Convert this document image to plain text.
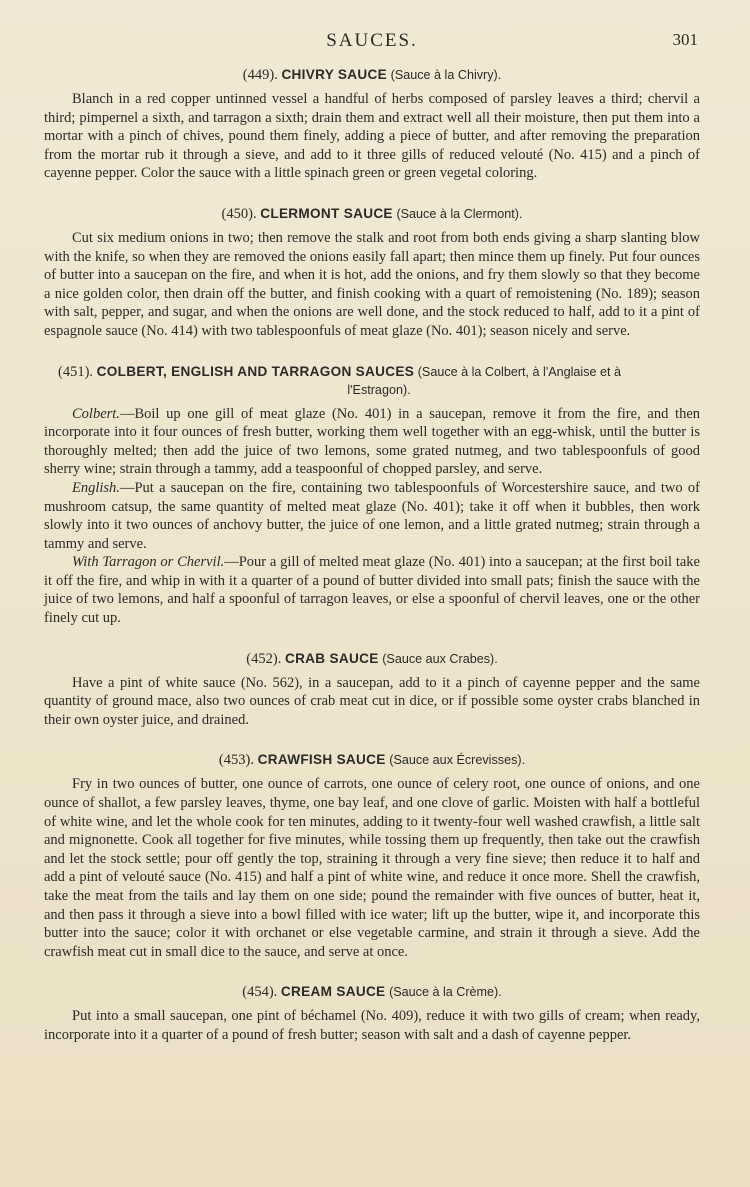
SAUCES.	301
(449). CHIVRY SAUCE (Sauce à la Chivry).

Blanch in a red copper untinned vessel a handful of herbs composed of parsley leaves a third; chervil a third; pimpernel a sixth, and tarragon a sixth; drain them and extract well all their moisture, then put them into a mortar with a pinch of chives, pound them finely, adding a piece of butter, and after removing the preparation from the mortar rub it through a sieve, and add to it three gills of reduced velouté (No. 415) and a pinch of cayenne pepper. Color the sauce with a little spinach green or green vegetal coloring.

(450). CLERMONT SAUCE (Sauce à la Clermont).

Cut six medium onions in two; then remove the stalk and root from both ends giving a sharp slanting blow with the knife, so when they are removed the onions easily fall apart; then mince them up finely. Put four ounces of butter into a saucepan on the fire, and when it is hot, add the onions, and fry them slowly so that they become a nice golden color, then drain off the butter, and finish cooking with a quart of remoistening (No. 189); season with salt, pepper, and sugar, and when the onions are well done, and the stock reduced to half, add to it a pint of espagnole sauce (No. 414) with two tablespoonfuls of meat glaze (No. 401); season nicely and serve.

(451). COLBERT, ENGLISH AND TARRAGON SAUCES (Sauce à la Colbert, à l'Anglaise et à
l'Estragon).

Colbert.—Boil up one gill of meat glaze (No. 401) in a saucepan, remove it from the fire, and then incorporate into it four ounces of fresh butter, working them well together with an egg-whisk, until the butter is thoroughly melted; then add the juice of two lemons, some grated nutmeg, and two tablespoonfuls of good sherry wine; strain through a tammy, add a teaspoonful of chopped parsley, and serve.

English.—Put a saucepan on the fire, containing two tablespoonfuls of Worcestershire sauce, and two of mushroom catsup, the same quantity of melted meat glaze (No. 401); take it off when it bubbles, then work slowly into it two ounces of anchovy butter, the juice of one lemon, and a little grated nutmeg; strain through a tammy and serve.

With Tarragon or Chervil.—Pour a gill of melted meat glaze (No. 401) into a saucepan; at the first boil take it off the fire, and whip in with it a quarter of a pound of butter divided into small pats; finish the sauce with the juice of two lemons, and half a spoonful of tarragon leaves, or else a spoonful of chervil leaves, one or the other finely cut up.

(452). CRAB SAUCE (Sauce aux Crabes).

Have a pint of white sauce (No. 562), in a saucepan, add to it a pinch of cayenne pepper and the same quantity of ground mace, also two ounces of crab meat cut in dice, or if possible some oyster crabs blanched in their own oyster juice, and drained.

(453). CRAWFISH SAUCE (Sauce aux Écrevisses).

Fry in two ounces of butter, one ounce of carrots, one ounce of celery root, one ounce of onions, and one ounce of shallot, a few parsley leaves, thyme, one bay leaf, and one clove of garlic. Moisten with half a bottleful of white wine, and let the whole cook for ten minutes, adding to it twenty-four well washed crawfish, a little salt and mignonette. Cook all together for five minutes, while tossing them up frequently, then take out the crawfish and let the stock settle; pour off gently the top, straining it through a very fine sieve; then reduce it to half and add a pint of velouté sauce (No. 415) and half a pint of white wine, and reduce it once more. Shell the crawfish, take the meat from the tails and lay them on one side; pound the remainder with five ounces of butter, heat it, and then pass it through a sieve into a bowl filled with ice water; lift up the butter, wipe it, and incorporate this butter into the sauce; color it with orchanet or else vegetable carmine, and strain it through a sieve. Add the crawfish meat cut in small dice to the sauce, and serve at once.

(454). CREAM SAUCE (Sauce à la Crème).

Put into a small saucepan, one pint of béchamel (No. 409), reduce it with two gills of cream; when ready, incorporate into it a quarter of a pound of fresh butter; season with salt and a dash of cayenne pepper.
